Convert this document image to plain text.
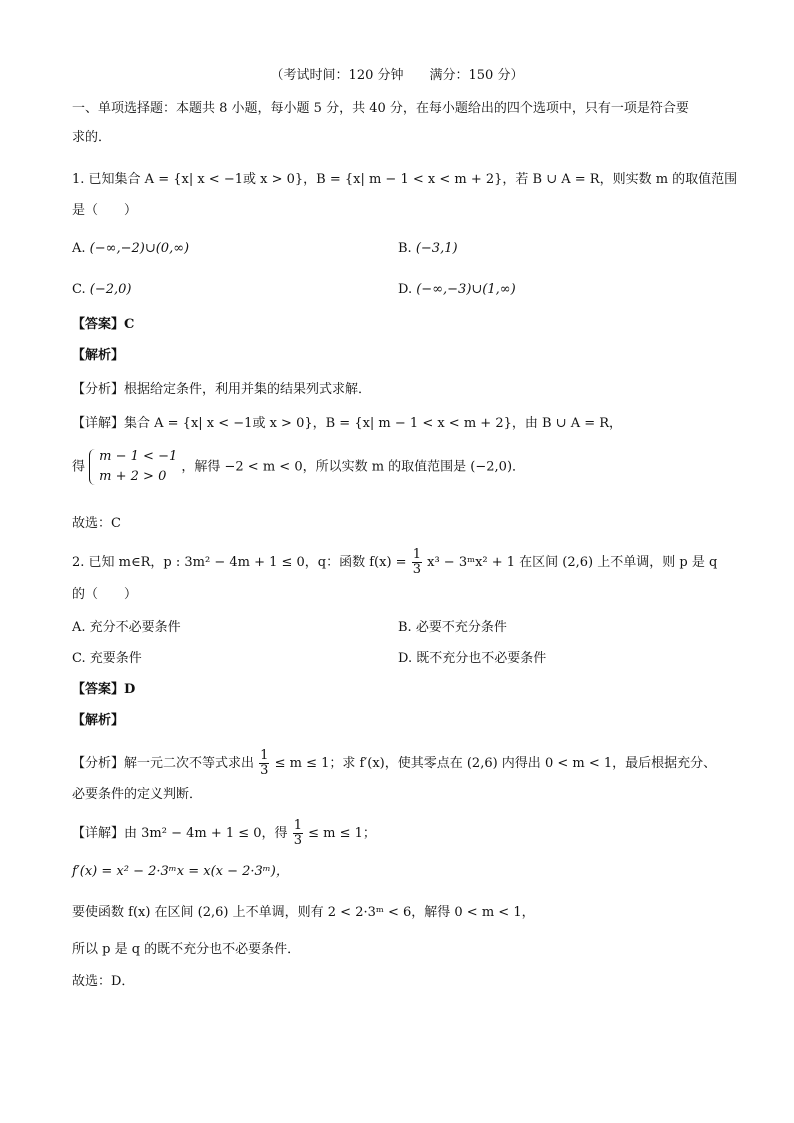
（考试时间：120 分钟　　满分：150 分）
一、单项选择题：本题共 8 小题，每小题 5 分，共 40 分，在每小题给出的四个选项中，只有一项是符合要
求的．
1. 已知集合 A = {x| x < −1或 x > 0}，B = {x| m − 1 < x < m + 2}，若 B ∪ A = R，则实数 m 的取值范围
是（　　）
A. (−∞,−2)∪(0,∞)	B. (−3,1)
C. (−2,0)	D. (−∞,−3)∪(1,∞)
【答案】C
【解析】
【分析】根据给定条件，利用并集的结果列式求解．
【详解】集合 A = {x| x < −1或 x > 0}，B = {x| m − 1 < x < m + 2}，由 B ∪ A = R，
得
m − 1 < −1
m + 2 > 0
，解得 −2 < m < 0，所以实数 m 的取值范围是 (−2,0)．
故选：C
2. 已知 m∈R，p : 3m² − 4m + 1 ≤ 0，q：函数 $f(x) = \frac{1}{3} x^3$ − 3ᵐx² + 1 在区间 (2,6) 上不单调，则 p 是 q
的（　　）
A. 充分不必要条件	B. 必要不充分条件
C. 充要条件	D. 既不充分也不必要条件
【答案】D
【解析】
【分析】解一元二次不等式求出 $\frac{1}{3} \le m \le 1$；求 f′(x)，使其零点在 (2,6) 内得出 0 < m < 1，最后根据充分、
必要条件的定义判断．
【详解】由 3m² − 4m + 1 ≤ 0，得 $\frac{1}{3} \le m \le 1$；
f′(x) = x² − 2·3ᵐx = x(x − 2·3ᵐ)，
要使函数 f(x) 在区间 (2,6) 上不单调，则有 2 < 2·3ᵐ < 6，解得 0 < m < 1，
所以 p 是 q 的既不充分也不必要条件．
故选：D．
